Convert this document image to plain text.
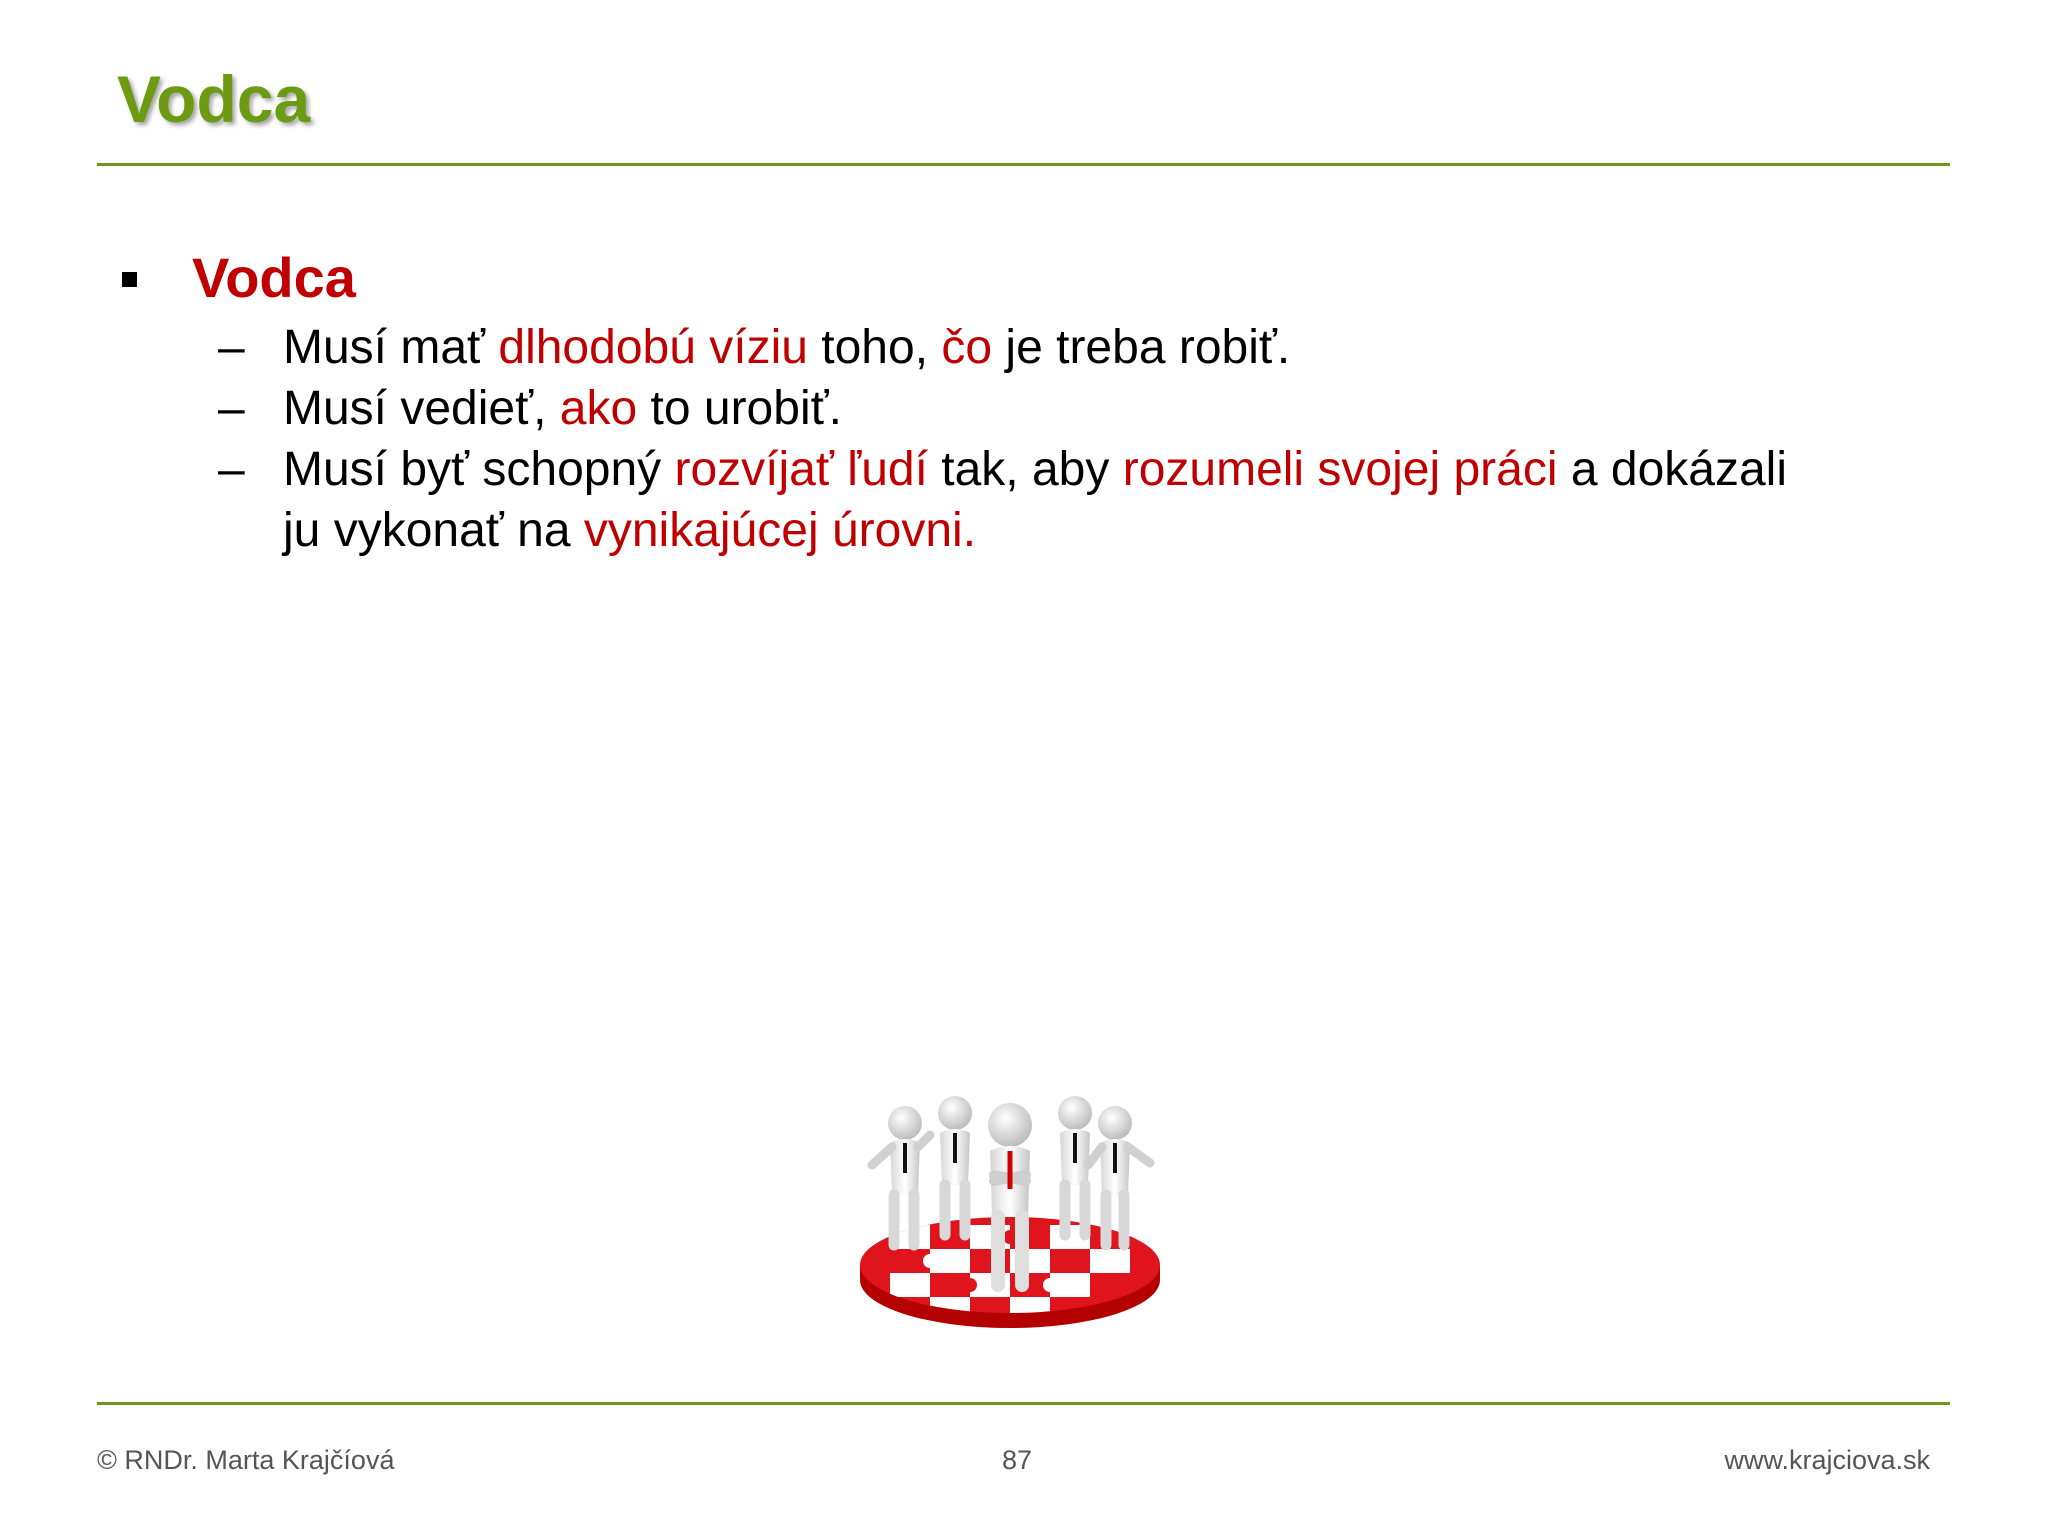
Vodca
Vodca
– Musí mať dlhodobú víziu toho, čo je treba robiť.
– Musí vedieť, ako to urobiť.
– Musí byť schopný rozvíjať ľudí tak, aby rozumeli svojej práci a dokázali
ju vykonať na vynikajúcej úrovni.
© RNDr. Marta Krajčíová	87	www.krajciova.sk
